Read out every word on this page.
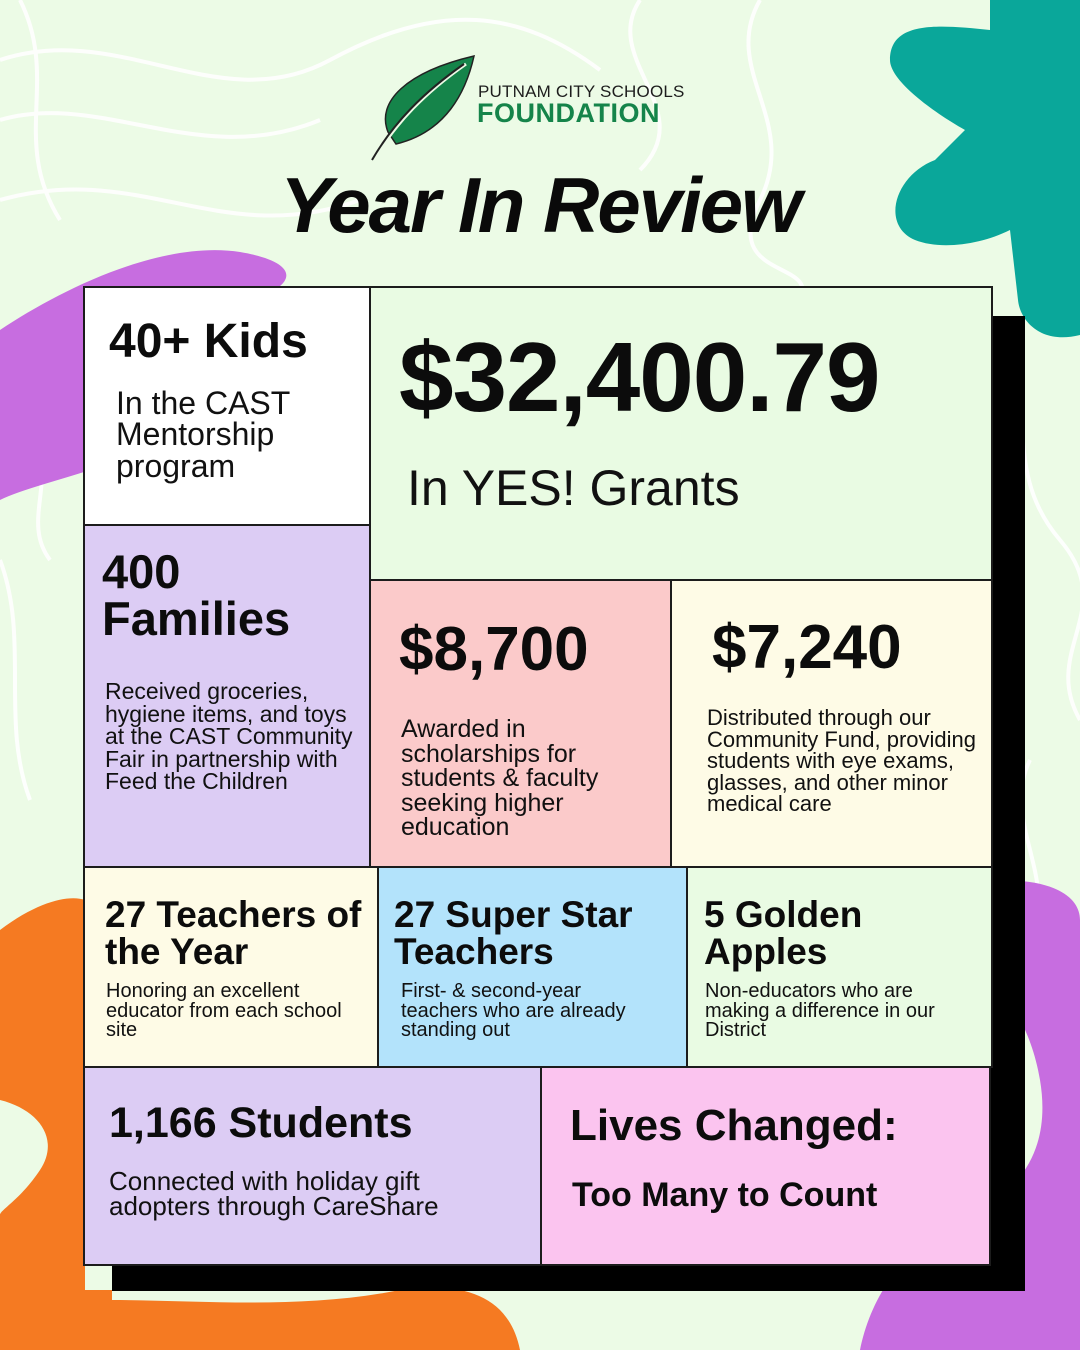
PUTNAM CITY SCHOOLS
FOUNDATION
Year In Review

40+ Kids

In the CAST Mentorship program

$32,400.79

In YES! Grants

400 Families

Received groceries, hygiene items, and toys at the CAST Community Fair in partnership with Feed the Children

$8,700

Awarded in scholarships for students & faculty seeking higher education

$7,240

Distributed through our Community Fund, providing students with eye exams, glasses, and other minor medical care

27 Teachers of the Year

Honoring an excellent educator from each school site

27 Super Star Teachers

First- & second-year teachers who are already standing out

5 Golden Apples

Non-educators who are making a difference in our District

1,166 Students

Connected with holiday gift adopters through CareShare

Lives Changed:

Too Many to Count
